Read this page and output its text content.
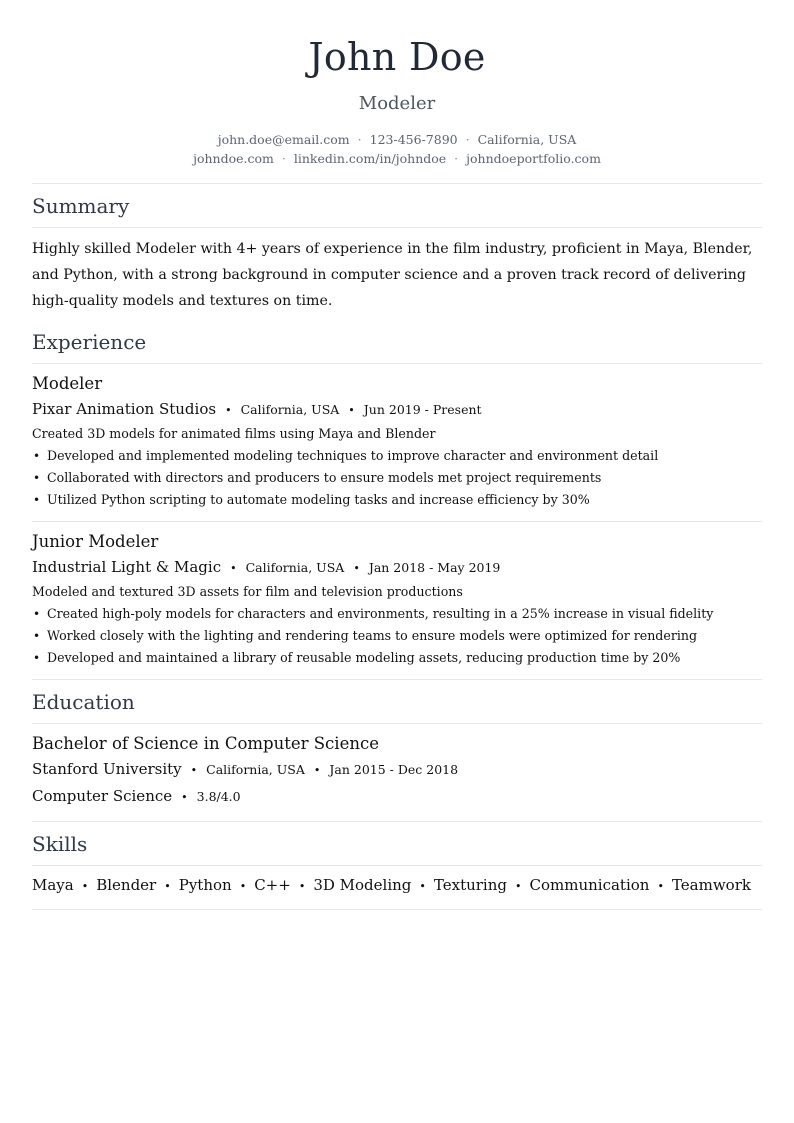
John Doe
Modeler
john.doe@email.com · 123-456-7890 · California, USA
johndoe.com · linkedin.com/in/johndoe · johndoeportfolio.com
Summary
Highly skilled Modeler with 4+ years of experience in the film industry, proficient in Maya, Blender, and Python, with a strong background in computer science and a proven track record of delivering high-quality models and textures on time.
Experience
Modeler
Pixar Animation Studios • California, USA • Jun 2019 - Present
Created 3D models for animated films using Maya and Blender
• Developed and implemented modeling techniques to improve character and environment detail
• Collaborated with directors and producers to ensure models met project requirements
• Utilized Python scripting to automate modeling tasks and increase efficiency by 30%
Junior Modeler
Industrial Light & Magic • California, USA • Jan 2018 - May 2019
Modeled and textured 3D assets for film and television productions
• Created high-poly models for characters and environments, resulting in a 25% increase in visual fidelity
• Worked closely with the lighting and rendering teams to ensure models were optimized for rendering
• Developed and maintained a library of reusable modeling assets, reducing production time by 20%
Education
Bachelor of Science in Computer Science
Stanford University • California, USA • Jan 2015 - Dec 2018
Computer Science • 3.8/4.0
Skills
Maya • Blender • Python • C++ • 3D Modeling • Texturing • Communication • Teamwork
